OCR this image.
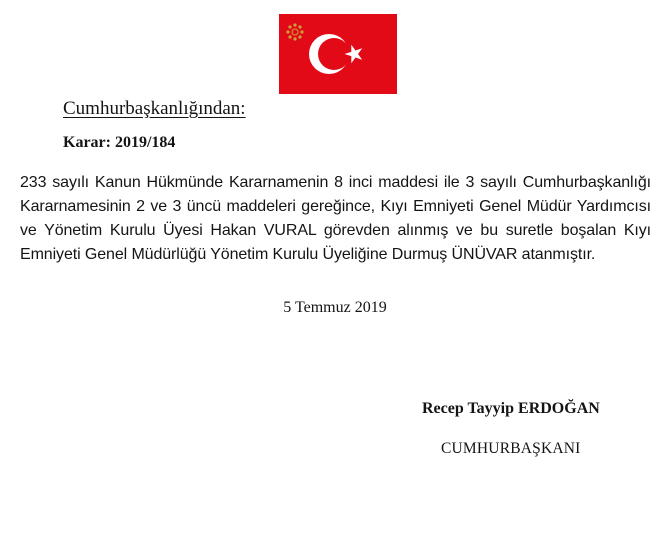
Cumhurbaşkanlığından:
Karar: 2019/184
233 sayılı Kanun Hükmünde Kararnamenin 8 inci maddesi ile 3 sayılı Cumhurbaşkanlığı Kararnamesinin 2 ve 3 üncü maddeleri gereğince, Kıyı Emniyeti Genel Müdür Yardımcısı ve Yönetim Kurulu Üyesi Hakan VURAL görevden alınmış ve bu suretle boşalan Kıyı Emniyeti Genel Müdürlüğü Yönetim Kurulu Üyeliğine Durmuş ÜNÜVAR atanmıştır.
5 Temmuz 2019
Recep Tayyip ERDOĞAN
CUMHURBAŞKANI
